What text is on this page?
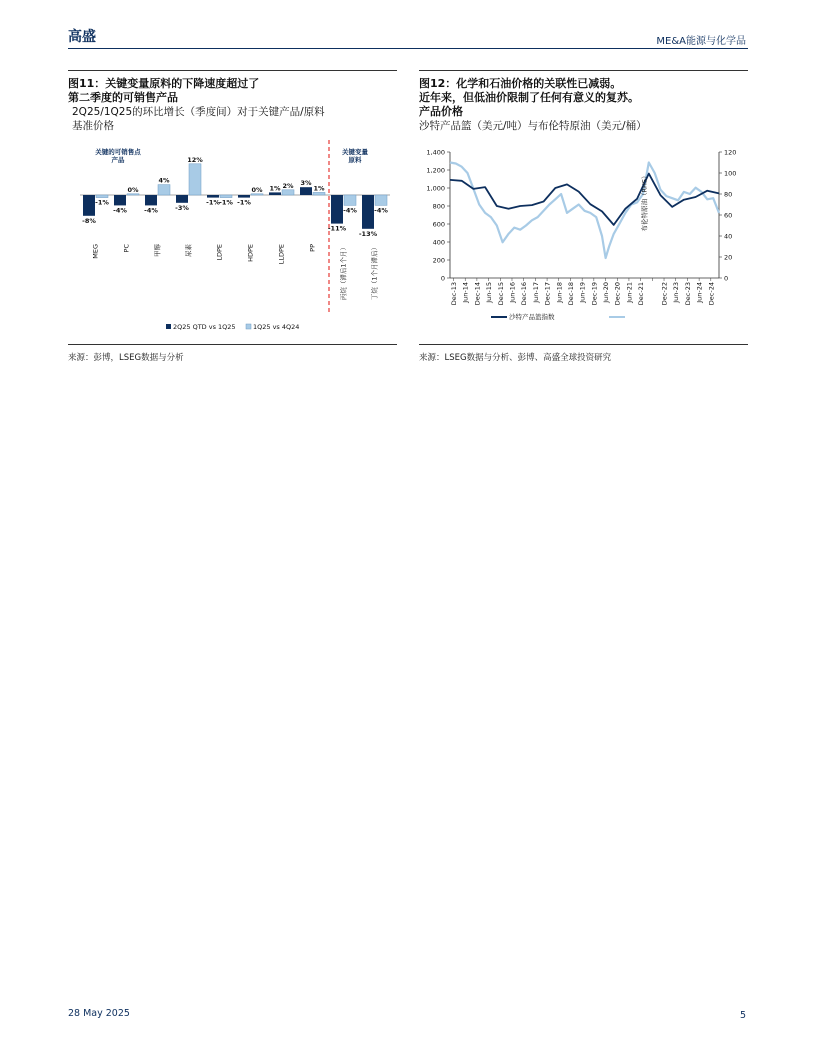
高盛	ME&A能源与化学品
图11：关键变量原料的下降速度超过了
第二季度的可销售产品
2Q25/1Q25的环比增长（季度间）对于关键产品/原料
基准价格
关键的可销售点
产品
关键变量
原料
-8%
-1%
MEG
-4%
0%
PC
-4%
4%
甲醇
-3%
12%
尿素
-1% -1%
LDPE
-1%
0%
HDPE
1% 2%
LLDPE
3%
1%
PP
-11%
-4%
丙烷（滞后1个月）
-13%
-4%
丁烷（1个月滞后）
2Q25 QTD vs 1Q25	1Q25 vs 4Q24
来源：彭博，LSEG数据与分析
图12：化学和石油价格的关联性已减弱。
近年来，但低油价限制了任何有意义的复苏。
产品价格
沙特产品篮（美元/吨）与布伦特原油（美元/桶）
0
200
400
600
800
1,000
1,200
1,400
0
20
40
60
80
100
120
Dec-13 Jun-14 Dec-14 Jun-15 Dec-15 Jun-16 Dec-16 Jun-17 Dec-17 Jun-18 Dec-18 Jun-19 Dec-19 Jun-20 Dec-20 Jun-21 Dec-21 Dec-22 Jun-23 Dec-23 Jun-24 Dec-24
布伦特原油（RHS）
沙特产品篮指数
来源：LSEG数据与分析、彭博、高盛全球投资研究
28 May 2025	5
